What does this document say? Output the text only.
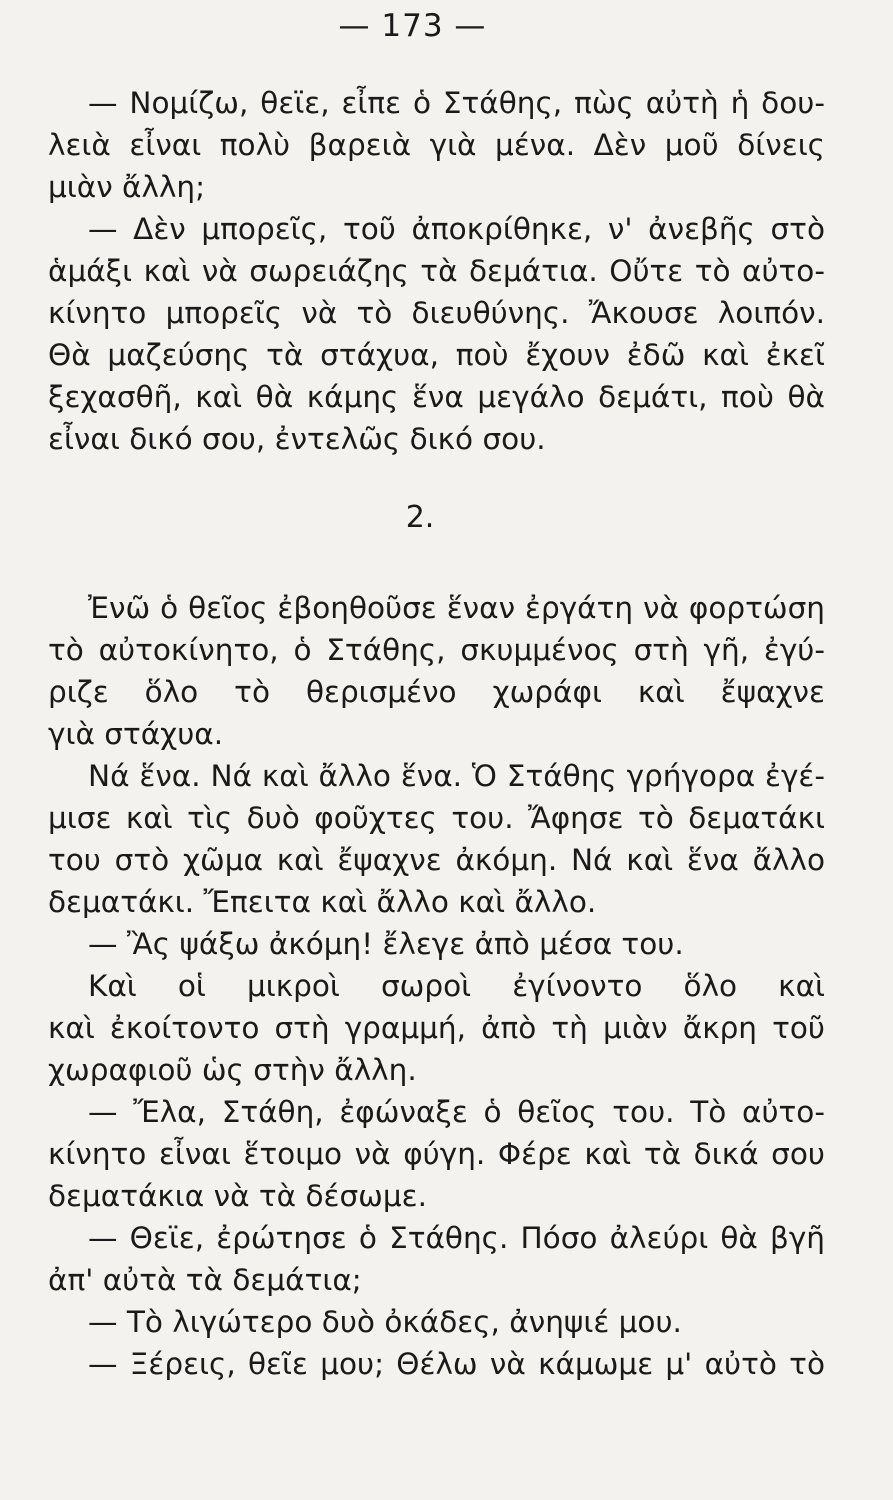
— 173 —
— Νομίζω, θεϊε, εἶπε ὁ Στάθης, πὼς αὐτὴ ἡ δου-
λειὰ εἶναι πολὺ βαρειὰ γιὰ μένα. Δὲν μοῦ δίνεις
μιὰν ἄλλη;
— Δὲν μπορεῖς, τοῦ ἀποκρίθηκε, ν' ἀνεβῆς στὸ
ἁμάξι καὶ νὰ σωρειάζης τὰ δεμάτια. Οὔτε τὸ αὐτο-
κίνητο μπορεῖς νὰ τὸ διευθύνης. Ἄκουσε λοιπόν.
Θὰ μαζεύσης τὰ στάχυα, ποὺ ἔχουν ἐδῶ καὶ ἐκεῖ
ξεχασθῆ, καὶ θὰ κάμης ἕνα μεγάλο δεμάτι, ποὺ θὰ
εἶναι δικό σου, ἐντελῶς δικό σου.
2.
Ἐνῶ ὁ θεῖος ἐβοηθοῦσε ἕναν ἐργάτη νὰ φορτώση
τὸ αὐτοκίνητο, ὁ Στάθης, σκυμμένος στὴ γῆ, ἐγύ-
ριζε ὅλο τὸ θερισμένο χωράφι καὶ ἔψαχνε
γιὰ στάχυα.
Νά ἕνα. Νά καὶ ἄλλο ἕνα. Ὁ Στάθης γρήγορα ἐγέ-
μισε καὶ τὶς δυὸ φοῦχτες του. Ἄφησε τὸ δεματάκι
του στὸ χῶμα καὶ ἔψαχνε ἀκόμη. Νά καὶ ἕνα ἄλλο
δεματάκι. Ἔπειτα καὶ ἄλλο καὶ ἄλλο.
— Ἂς ψάξω ἀκόμη! ἔλεγε ἀπὸ μέσα του.
Καὶ οἱ μικροὶ σωροὶ ἐγίνοντο ὅλο καὶ
καὶ ἐκοίτοντο στὴ γραμμή, ἀπὸ τὴ μιὰν ἄκρη τοῦ
χωραφιοῦ ὡς στὴν ἄλλη.
— Ἔλα, Στάθη, ἐφώναξε ὁ θεῖος του. Τὸ αὐτο-
κίνητο εἶναι ἕτοιμο νὰ φύγη. Φέρε καὶ τὰ δικά σου
δεματάκια νὰ τὰ δέσωμε.
— Θεϊε, ἐρώτησε ὁ Στάθης. Πόσο ἀλεύρι θὰ βγῆ
ἀπ' αὐτὰ τὰ δεμάτια;
— Τὸ λιγώτερο δυὸ ὀκάδες, ἀνηψιέ μου.
— Ξέρεις, θεῖε μου; Θέλω νὰ κάμωμε μ' αὐτὸ τὸ
